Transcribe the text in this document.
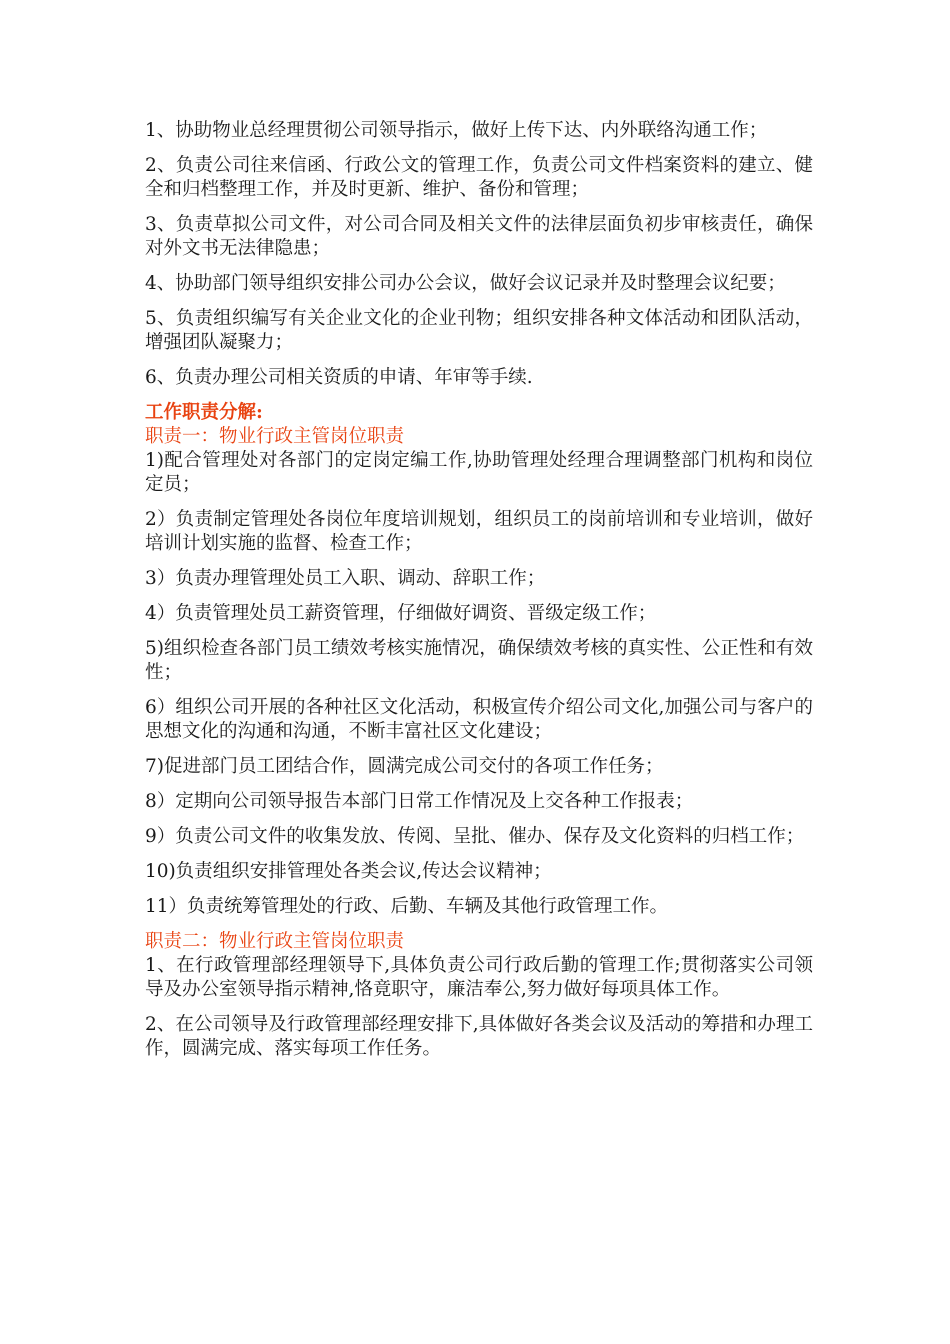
1、协助物业总经理贯彻公司领导指示，做好上传下达、内外联络沟通工作；

2、负责公司往来信函、行政公文的管理工作，负责公司文件档案资料的建立、健全和归档整理工作，并及时更新、维护、备份和管理；

3、负责草拟公司文件，对公司合同及相关文件的法律层面负初步审核责任，确保对外文书无法律隐患；

4、协助部门领导组织安排公司办公会议，做好会议记录并及时整理会议纪要；

5、负责组织编写有关企业文化的企业刊物；组织安排各种文体活动和团队活动，增强团队凝聚力；

6、负责办理公司相关资质的申请、年审等手续.

工作职责分解:

职责一：物业行政主管岗位职责

1)配合管理处对各部门的定岗定编工作,协助管理处经理合理调整部门机构和岗位定员；

2）负责制定管理处各岗位年度培训规划，组织员工的岗前培训和专业培训，做好培训计划实施的监督、检查工作；

3）负责办理管理处员工入职、调动、辞职工作；

4）负责管理处员工薪资管理，仔细做好调资、晋级定级工作；

5)组织检查各部门员工绩效考核实施情况，确保绩效考核的真实性、公正性和有效性；

6）组织公司开展的各种社区文化活动，积极宣传介绍公司文化,加强公司与客户的思想文化的沟通和沟通，不断丰富社区文化建设；

7)促进部门员工团结合作，圆满完成公司交付的各项工作任务；

8）定期向公司领导报告本部门日常工作情况及上交各种工作报表；

9）负责公司文件的收集发放、传阅、呈批、催办、保存及文化资料的归档工作；

10)负责组织安排管理处各类会议,传达会议精神；

11）负责统筹管理处的行政、后勤、车辆及其他行政管理工作。

职责二：物业行政主管岗位职责

1、在行政管理部经理领导下,具体负责公司行政后勤的管理工作;贯彻落实公司领导及办公室领导指示精神,恪竟职守，廉洁奉公,努力做好每项具体工作。

2、在公司领导及行政管理部经理安排下,具体做好各类会议及活动的筹措和办理工作，圆满完成、落实每项工作任务。
